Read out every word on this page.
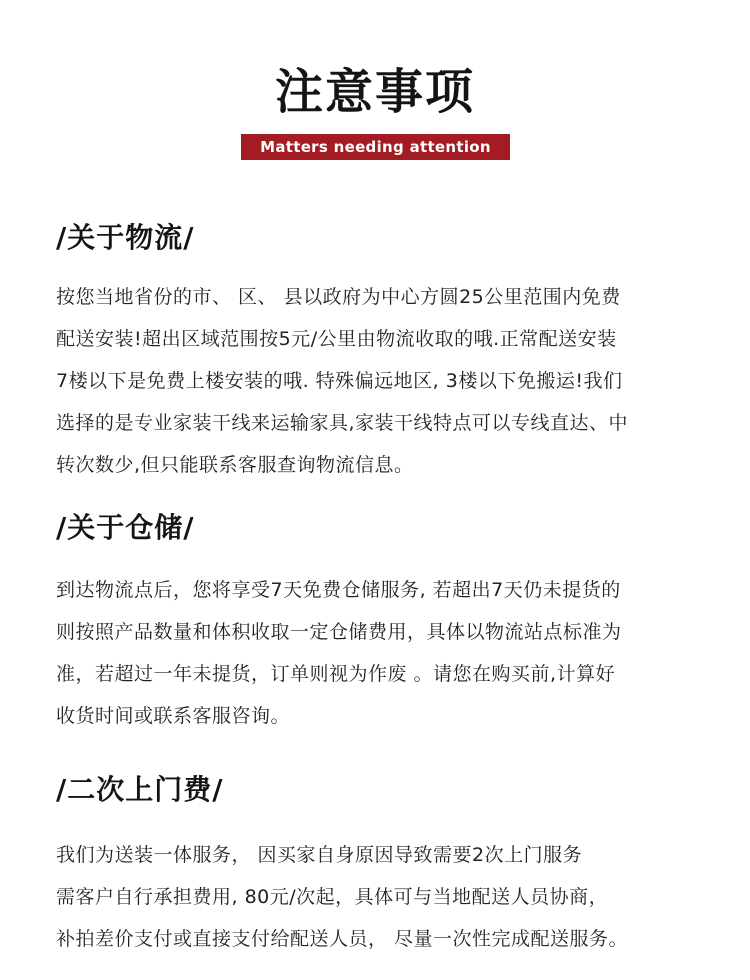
注意事项
Matters needing attention
/关于物流/
按您当地省份的市、 区、 县以政府为中心方圆25公里范围内免费
配送安装!超出区域范围按5元/公里由物流收取的哦.正常配送安装
7楼以下是免费上楼安装的哦. 特殊偏远地区, 3楼以下免搬运!我们
选择的是专业家装干线来运输家具,家装干线特点可以专线直达、中
转次数少,但只能联系客服查询物流信息。
/关于仓储/
到达物流点后，您将享受7天免费仓储服务, 若超出7天仍未提货的
则按照产品数量和体积收取一定仓储费用，具体以物流站点标准为
准，若超过一年未提货，订单则视为作废 。请您在购买前,计算好
收货时间或联系客服咨询。
/二次上门费/
我们为送装一体服务， 因买家自身原因导致需要2次上门服务
需客户自行承担费用, 80元/次起，具体可与当地配送人员协商，
补拍差价支付或直接支付给配送人员， 尽量一次性完成配送服务。
